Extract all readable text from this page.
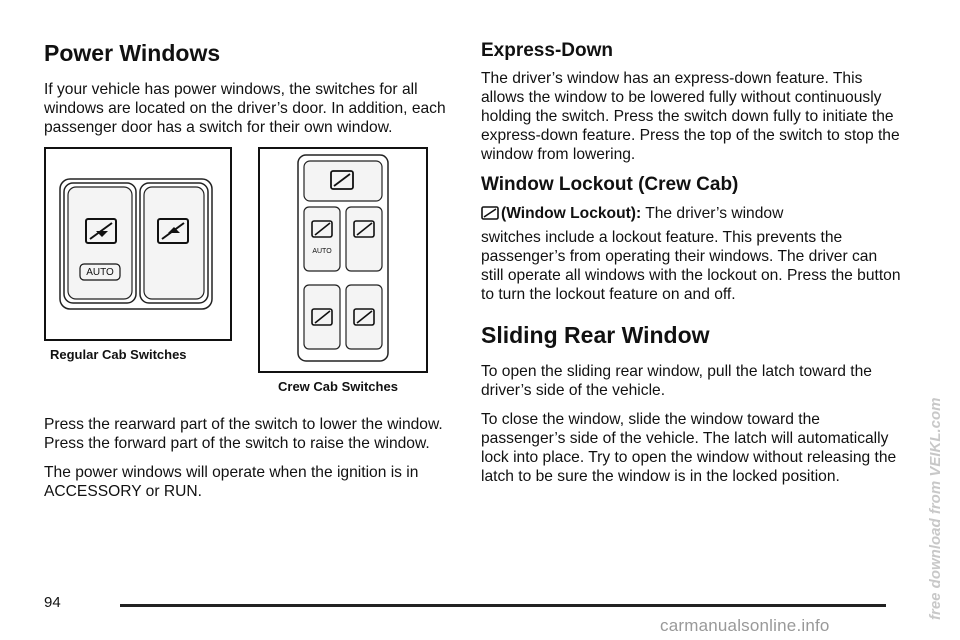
Power Windows

If your vehicle has power windows, the switches for all windows are located on the driver’s door. In addition, each passenger door has a switch for their own window.

AUTO
AUTO
Regular Cab Switches
Crew Cab Switches

Press the rearward part of the switch to lower the window. Press the forward part of the switch to raise the window.

The power windows will operate when the ignition is in ACCESSORY or RUN.

Express-Down

The driver’s window has an express-down feature. This allows the window to be lowered fully without continuously holding the switch. Press the switch down fully to initiate the express-down feature. Press the top of the switch to stop the window from lowering.

Window Lockout (Crew Cab)
(Window Lockout): The driver’s window

switches include a lockout feature. This prevents the passenger’s from operating their windows. The driver can still operate all windows with the lockout on. Press the button to turn the lockout feature on and off.

Sliding Rear Window

To open the sliding rear window, pull the latch toward the driver’s side of the vehicle.

To close the window, slide the window toward the passenger’s side of the vehicle. The latch will automatically lock into place. Try to open the window without releasing the latch to be sure the window is in the locked position.

94	free download from VEIKL.com
carmanualsonline.info
